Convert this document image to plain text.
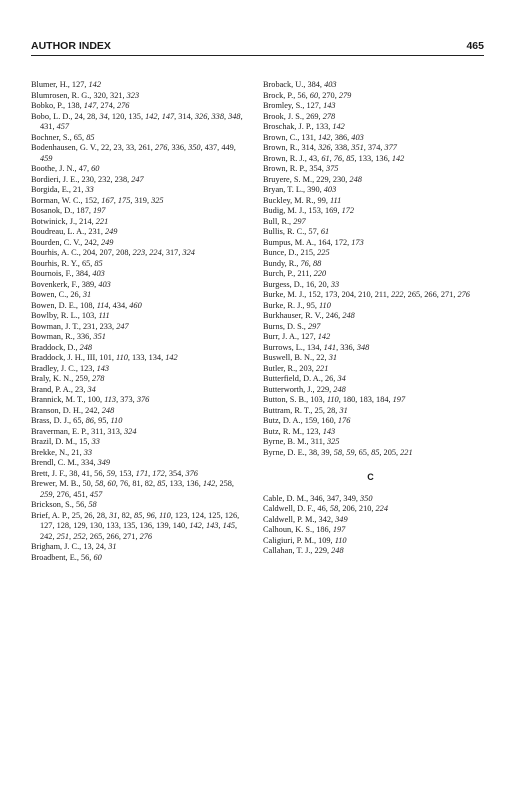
AUTHOR INDEX	465
Blumer, H., 127, 142
Blumrosen, R. G., 320, 321, 323
Bobko, P., 138, 147, 274, 276
Bobo, L. D., 24, 28, 34, 120, 135, 142, 147, 314, 326, 338, 348, 431, 457
Bochner, S., 65, 85
Bodenhausen, G. V., 22, 23, 33, 261, 276, 336, 350, 437, 449, 459
Boothe, J. N., 47, 60
Bordieri, J. E., 230, 232, 238, 247
Borgida, E., 21, 33
Borman, W. C., 152, 167, 175, 319, 325
Bosanok, D., 187, 197
Botwinick, J., 214, 221
Boudreau, L. A., 231, 249
Bourden, C. V., 242, 249
Bourhis, A. C., 204, 207, 208, 223, 224, 317, 324
Bourhis, R. Y., 65, 85
Bournois, F., 384, 403
Bovenkerk, F., 389, 403
Bowen, C., 26, 31
Bowen, D. E., 108, 114, 434, 460
Bowlby, R. L., 103, 111
Bowman, J. T., 231, 233, 247
Bowman, R., 336, 351
Braddock, D., 248
Braddock, J. H., III, 101, 110, 133, 134, 142
Bradley, J. C., 123, 143
Braly, K. N., 259, 278
Brand, P. A., 23, 34
Brannick, M. T., 100, 113, 373, 376
Branson, D. H., 242, 248
Brass, D. J., 65, 86, 95, 110
Braverman, E. P., 311, 313, 324
Brazil, D. M., 15, 33
Brekke, N., 21, 33
Brendl, C. M., 334, 349
Brett, J. F., 38, 41, 56, 59, 153, 171, 172, 354, 376
Brewer, M. B., 50, 58, 60, 76, 81, 82, 85, 133, 136, 142, 258, 259, 276, 451, 457
Brickson, S., 56, 58
Brief, A. P., 25, 26, 28, 31, 82, 85, 96, 110, 123, 124, 125, 126, 127, 128, 129, 130, 133, 135, 136, 139, 140, 142, 143, 145, 242, 251, 252, 265, 266, 271, 276
Brigham, J. C., 13, 24, 31
Broadbent, E., 56, 60
Broback, U., 384, 403
Brock, P., 56, 60, 270, 279
Bromley, S., 127, 143
Brook, J. S., 269, 278
Broschak, J. P., 133, 142
Brown, C., 131, 142, 386, 403
Brown, R., 314, 326, 338, 351, 374, 377
Brown, R. J., 43, 61, 76, 85, 133, 136, 142
Brown, R. P., 354, 375
Bruyere, S. M., 229, 230, 248
Bryan, T. L., 390, 403
Buckley, M. R., 99, 111
Budig, M. J., 153, 169, 172
Bull, R., 297
Bullis, R. C., 57, 61
Bumpus, M. A., 164, 172, 173
Bunce, D., 215, 225
Bundy, R., 76, 88
Burch, P., 211, 220
Burgess, D., 16, 20, 33
Burke, M. J., 152, 173, 204, 210, 211, 222, 265, 266, 271, 276
Burke, R. J., 95, 110
Burkhauser, R. V., 246, 248
Burns, D. S., 297
Burr, J. A., 127, 142
Burrows, L., 134, 141, 336, 348
Buswell, B. N., 22, 31
Butler, R., 203, 221
Butterfield, D. A., 26, 34
Butterworth, J., 229, 248
Button, S. B., 103, 110, 180, 183, 184, 197
Buttram, R. T., 25, 28, 31
Butz, D. A., 159, 160, 176
Butz, R. M., 123, 143
Byrne, B. M., 311, 325
Byrne, D. E., 38, 39, 58, 59, 65, 85, 205, 221
C
Cable, D. M., 346, 347, 349, 350
Caldwell, D. F., 46, 58, 206, 210, 224
Caldwell, P. M., 342, 349
Calhoun, K. S., 186, 197
Caligiuri, P. M., 109, 110
Callahan, T. J., 229, 248
